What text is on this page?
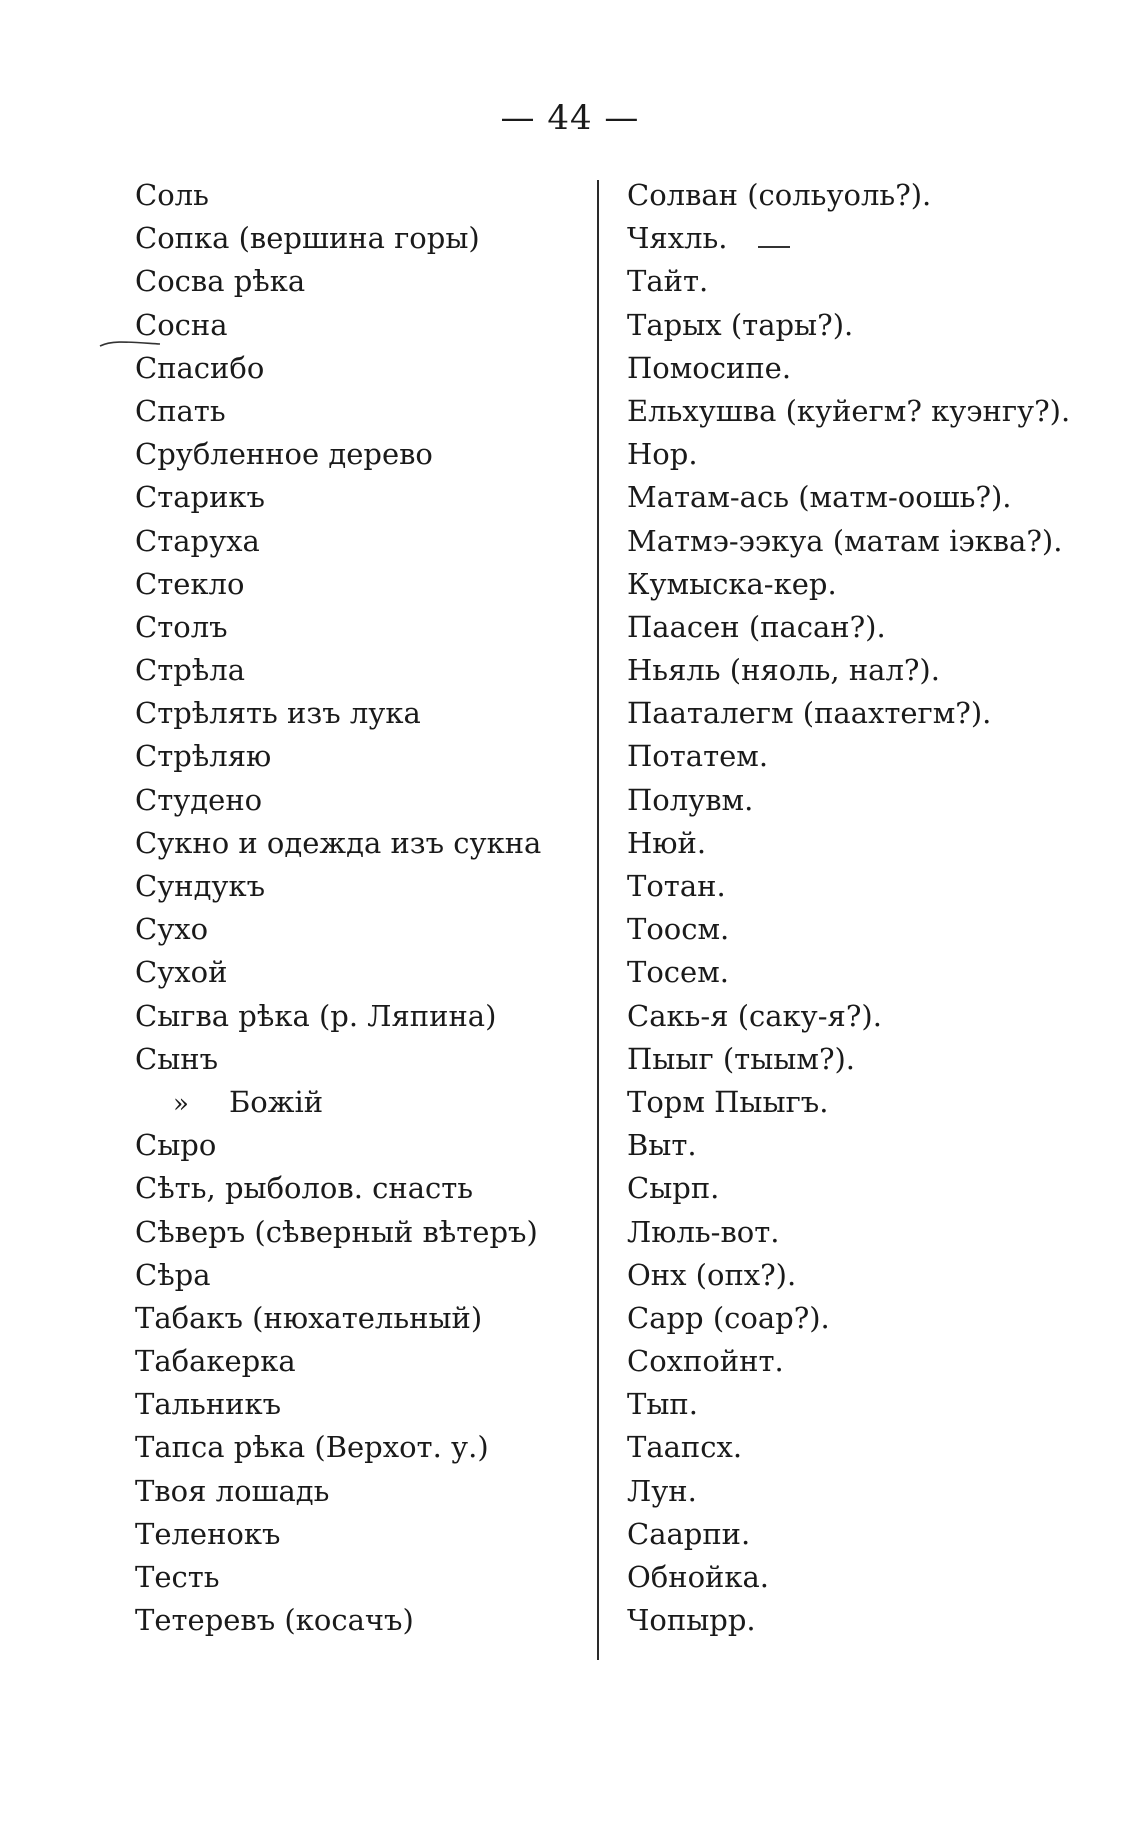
— 44 —
Соль
Сопка (вершина горы)
Сосва рѣка
Сосна
Спасибо
Спать
Срубленное дерево
Старикъ
Старуха
Стекло
Столъ
Стрѣла
Стрѣлять изъ лука
Стрѣляю
Студено
Сукно и одежда изъ сукна
Сундукъ
Сухо
Сухой
Сыгва рѣка (р. Ляпина)
Сынъ
» Божій
Сыро
Сѣть, рыболов. снасть
Сѣверъ (сѣверный вѣтеръ)
Сѣра
Табакъ (нюхательный)
Табакерка
Тальникъ
Тапса рѣка (Верхот. у.)
Твоя лошадь
Теленокъ
Тесть
Тетеревъ (косачъ)
Солван (сольуоль?).
Чяхль.
Тайт.
Тарых (тары?).
Помосипе.
Ельхушва (куйегм? куэнгу?).
Нор.
Матам-ась (матм-оошь?).
Матмэ-ээкуа (матам іэква?).
Кумыска-кер.
Паасен (пасан?).
Ньяль (няоль, нал?).
Пааталегм (паахтегм?).
Потатем.
Полувм.
Нюй.
Тотан.
Тоосм.
Тосем.
Сакь-я (саку-я?).
Пыыг (тыым?).
Торм Пыыгъ.
Выт.
Сырп.
Люль-вот.
Онх (опх?).
Сарр (соар?).
Сохпойнт.
Тып.
Таапсх.
Лун.
Саарпи.
Обнойка.
Чопырр.
